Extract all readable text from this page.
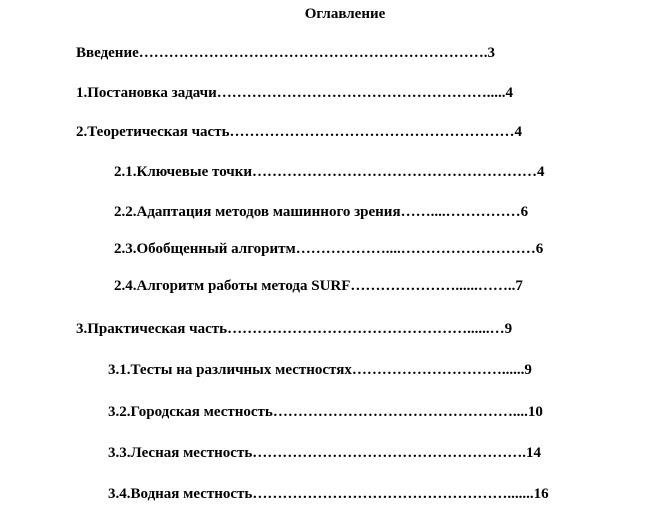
Оглавление
Введение…………………………………………………………….3
1.Постановка задачи……………………………………………….....4
2.Теоретическая часть…………………………………………………4
2.1.Ключевые точки…………………………………………………4
2.2.Адаптация методов машинного зрения……....……………6
2.3.Обобщенный алгоритм………………....………………………6
2.4.Алгоритм работы метода SURF…………………......……..7
3.Практическая часть…………………………………………......…9
3.1.Тесты на различных местностях…………………………......9
3.2.Городская местность…………………………………………....10
3.3.Лесная местность……………………………………………….14
3.4.Водная местность…………………………………………….......16
